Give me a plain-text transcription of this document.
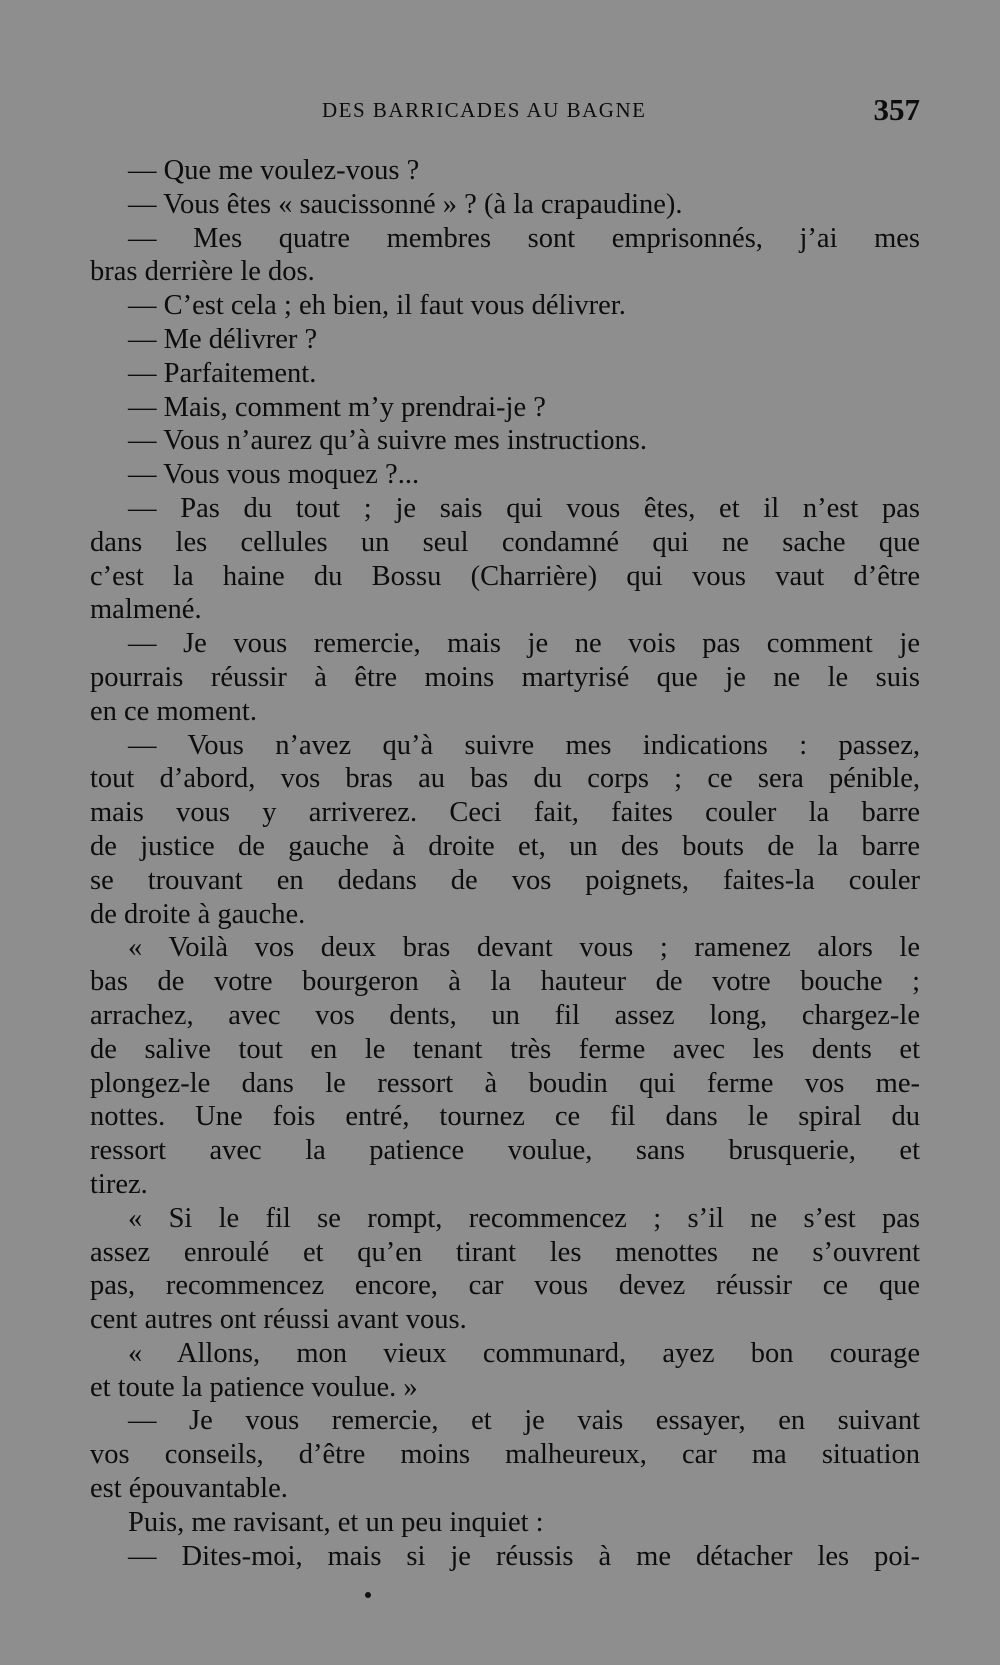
DES BARRICADES AU BAGNE	357
— Que me voulez-vous ?
— Vous êtes « saucissonné » ? (à la crapaudine).
— Mes quatre membres sont emprisonnés, j’ai mes
bras derrière le dos.
— C’est cela ; eh bien, il faut vous délivrer.
— Me délivrer ?
— Parfaitement.
— Mais, comment m’y prendrai-je ?
— Vous n’aurez qu’à suivre mes instructions.
— Vous vous moquez ?...
— Pas du tout ; je sais qui vous êtes, et il n’est pas
dans les cellules un seul condamné qui ne sache que
c’est la haine du Bossu (Charrière) qui vous vaut d’être
malmené.
— Je vous remercie, mais je ne vois pas comment je
pourrais réussir à être moins martyrisé que je ne le suis
en ce moment.
— Vous n’avez qu’à suivre mes indications : passez,
tout d’abord, vos bras au bas du corps ; ce sera pénible,
mais vous y arriverez. Ceci fait, faites couler la barre
de justice de gauche à droite et, un des bouts de la barre
se trouvant en dedans de vos poignets, faites-la couler
de droite à gauche.
« Voilà vos deux bras devant vous ; ramenez alors le
bas de votre bourgeron à la hauteur de votre bouche ;
arrachez, avec vos dents, un fil assez long, chargez-le
de salive tout en le tenant très ferme avec les dents et
plongez-le dans le ressort à boudin qui ferme vos me-
nottes. Une fois entré, tournez ce fil dans le spiral du
ressort avec la patience voulue, sans brusquerie, et
tirez.
« Si le fil se rompt, recommencez ; s’il ne s’est pas
assez enroulé et qu’en tirant les menottes ne s’ouvrent
pas, recommencez encore, car vous devez réussir ce que
cent autres ont réussi avant vous.
« Allons, mon vieux communard, ayez bon courage
et toute la patience voulue. »
— Je vous remercie, et je vais essayer, en suivant
vos conseils, d’être moins malheureux, car ma situation
est épouvantable.
Puis, me ravisant, et un peu inquiet :
— Dites-moi, mais si je réussis à me détacher les poi-
